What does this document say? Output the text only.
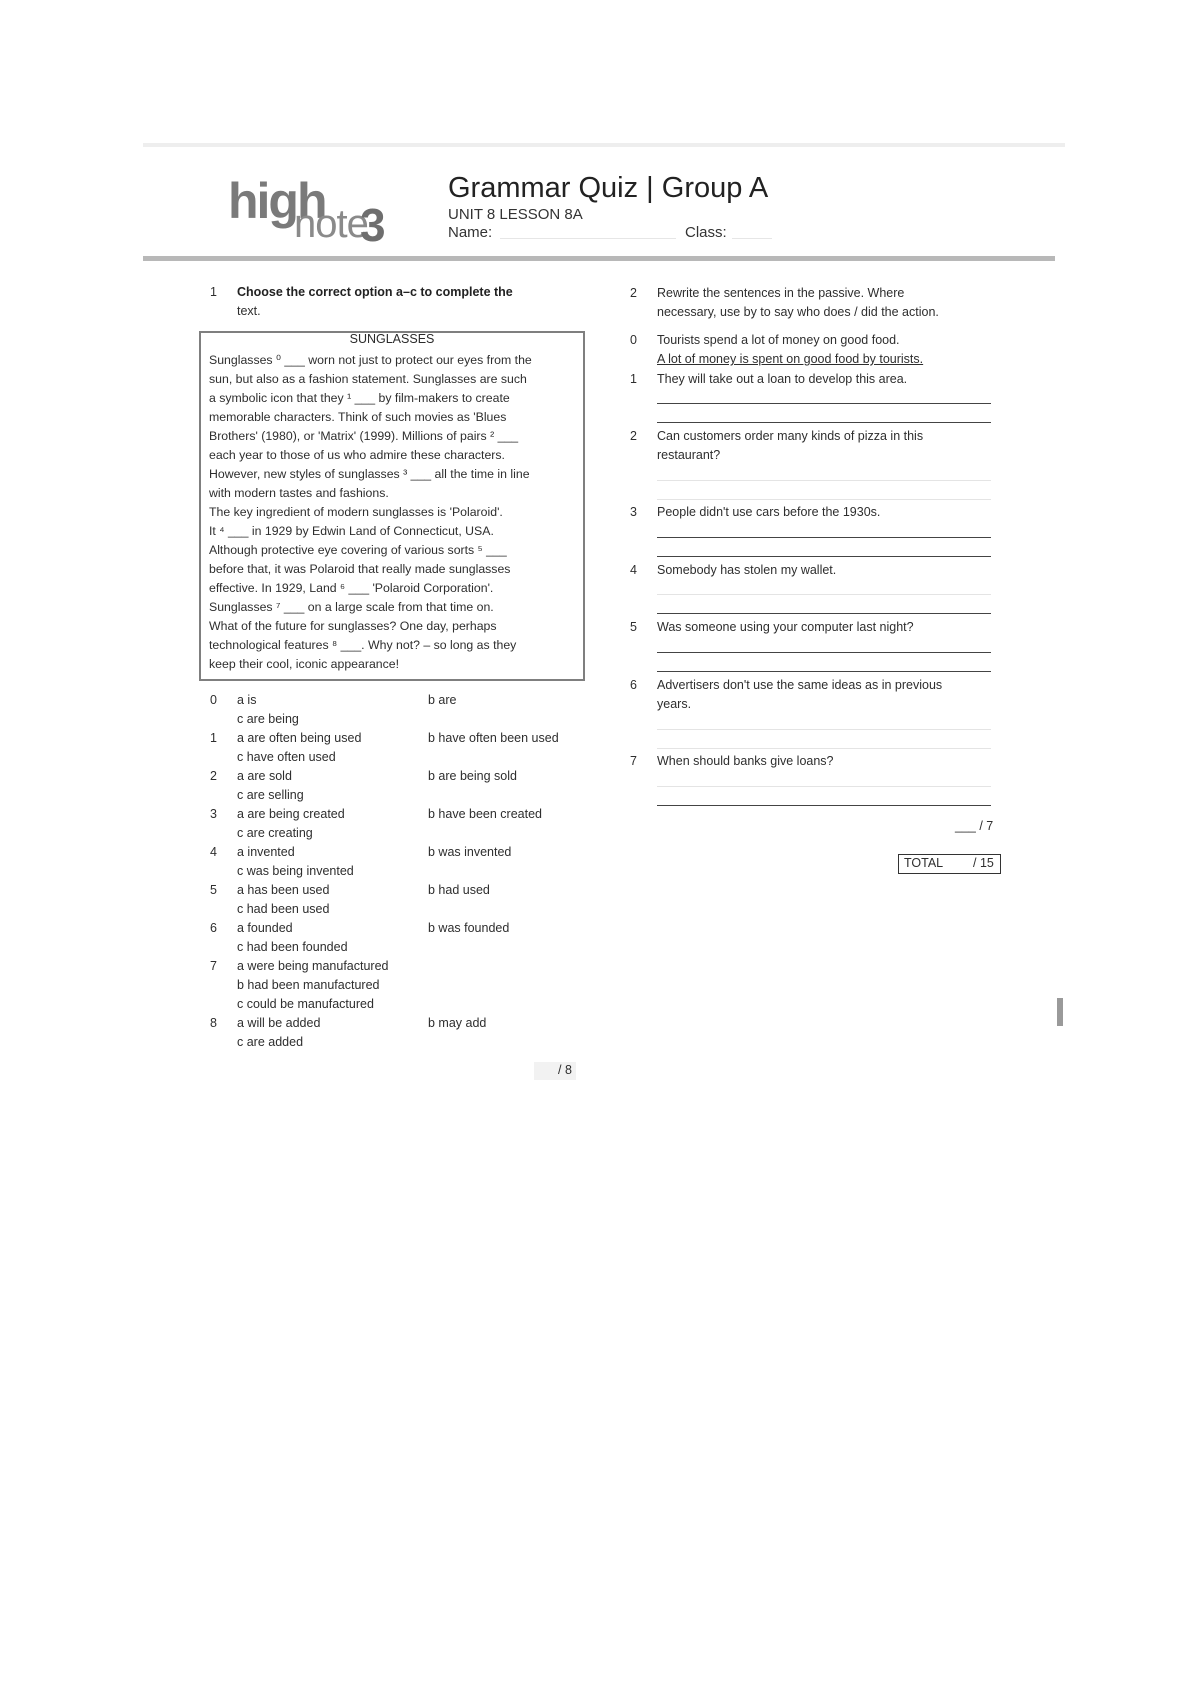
high
note
3
Grammar Quiz | Group A
UNIT 8 LESSON 8A
Name:	Class:
1 Choose the correct option a–c to complete the
text.
SUNGLASSES
Sunglasses ⁰ ___ worn not just to protect our eyes from the
sun, but also as a fashion statement. Sunglasses are such
a symbolic icon that they ¹ ___ by film-makers to create
memorable characters. Think of such movies as 'Blues
Brothers' (1980), or 'Matrix' (1999). Millions of pairs ² ___
each year to those of us who admire these characters.
However, new styles of sunglasses ³ ___ all the time in line
with modern tastes and fashions.
The key ingredient of modern sunglasses is 'Polaroid'.
It ⁴ ___ in 1929 by Edwin Land of Connecticut, USA.
Although protective eye covering of various sorts ⁵ ___
before that, it was Polaroid that really made sunglasses
effective. In 1929, Land ⁶ ___ 'Polaroid Corporation'.
Sunglasses ⁷ ___ on a large scale from that time on.
What of the future for sunglasses? One day, perhaps
technological features ⁸ ___. Why not? – so long as they
keep their cool, iconic appearance!
0 a is	b are
c are being
1 a are often being used	b have often been used
c have often used
2 a are sold	b are being sold
c are selling
3 a are being created	b have been created
c are creating
4 a invented	b was invented
c was being invented
5 a has been used	b had used
c had been used
6 a founded	b was founded
c had been founded
7 a were being manufactured
b had been manufactured
c could be manufactured
8 a will be added	b may add
c are added
/ 8
2 Rewrite the sentences in the passive. Where
necessary, use by to say who does / did the action.
0 Tourists spend a lot of money on good food.
A lot of money is spent on good food by tourists.
1 They will take out a loan to develop this area.
2 Can customers order many kinds of pizza in this
restaurant?
3 People didn't use cars before the 1930s.
4 Somebody has stolen my wallet.
5 Was someone using your computer last night?
6 Advertisers don't use the same ideas as in previous
years.
7 When should banks give loans?
___ / 7
TOTAL / 15
